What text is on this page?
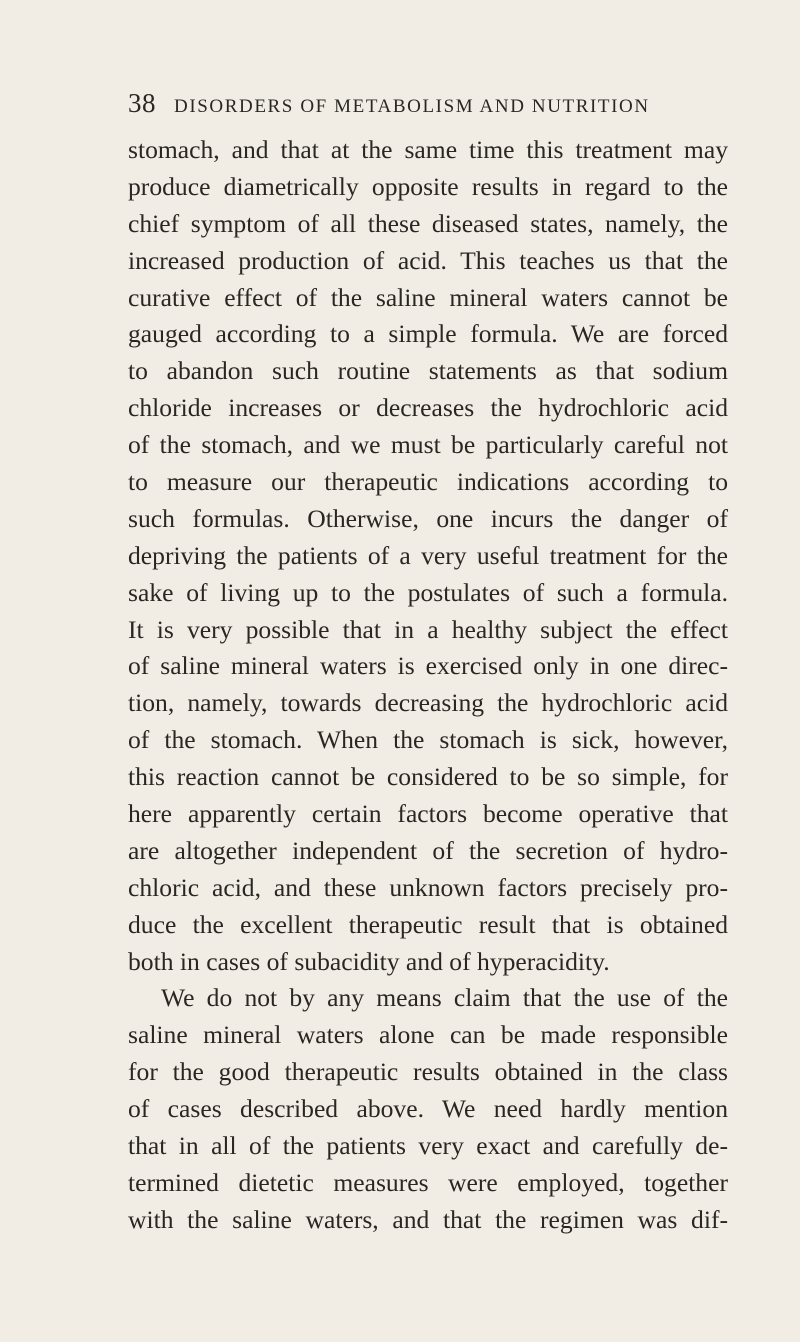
38 DISORDERS OF METABOLISM AND NUTRITION
stomach, and that at the same time this treatment may
produce diametrically opposite results in regard to the
chief symptom of all these diseased states, namely, the
increased production of acid. This teaches us that the
curative effect of the saline mineral waters cannot be
gauged according to a simple formula. We are forced
to abandon such routine statements as that sodium
chloride increases or decreases the hydrochloric acid
of the stomach, and we must be particularly careful not
to measure our therapeutic indications according to
such formulas. Otherwise, one incurs the danger of
depriving the patients of a very useful treatment for the
sake of living up to the postulates of such a formula.
It is very possible that in a healthy subject the effect
of saline mineral waters is exercised only in one direc-
tion, namely, towards decreasing the hydrochloric acid
of the stomach. When the stomach is sick, however,
this reaction cannot be considered to be so simple, for
here apparently certain factors become operative that
are altogether independent of the secretion of hydro-
chloric acid, and these unknown factors precisely pro-
duce the excellent therapeutic result that is obtained
both in cases of subacidity and of hyperacidity.
We do not by any means claim that the use of the
saline mineral waters alone can be made responsible
for the good therapeutic results obtained in the class
of cases described above. We need hardly mention
that in all of the patients very exact and carefully de-
termined dietetic measures were employed, together
with the saline waters, and that the regimen was dif-
